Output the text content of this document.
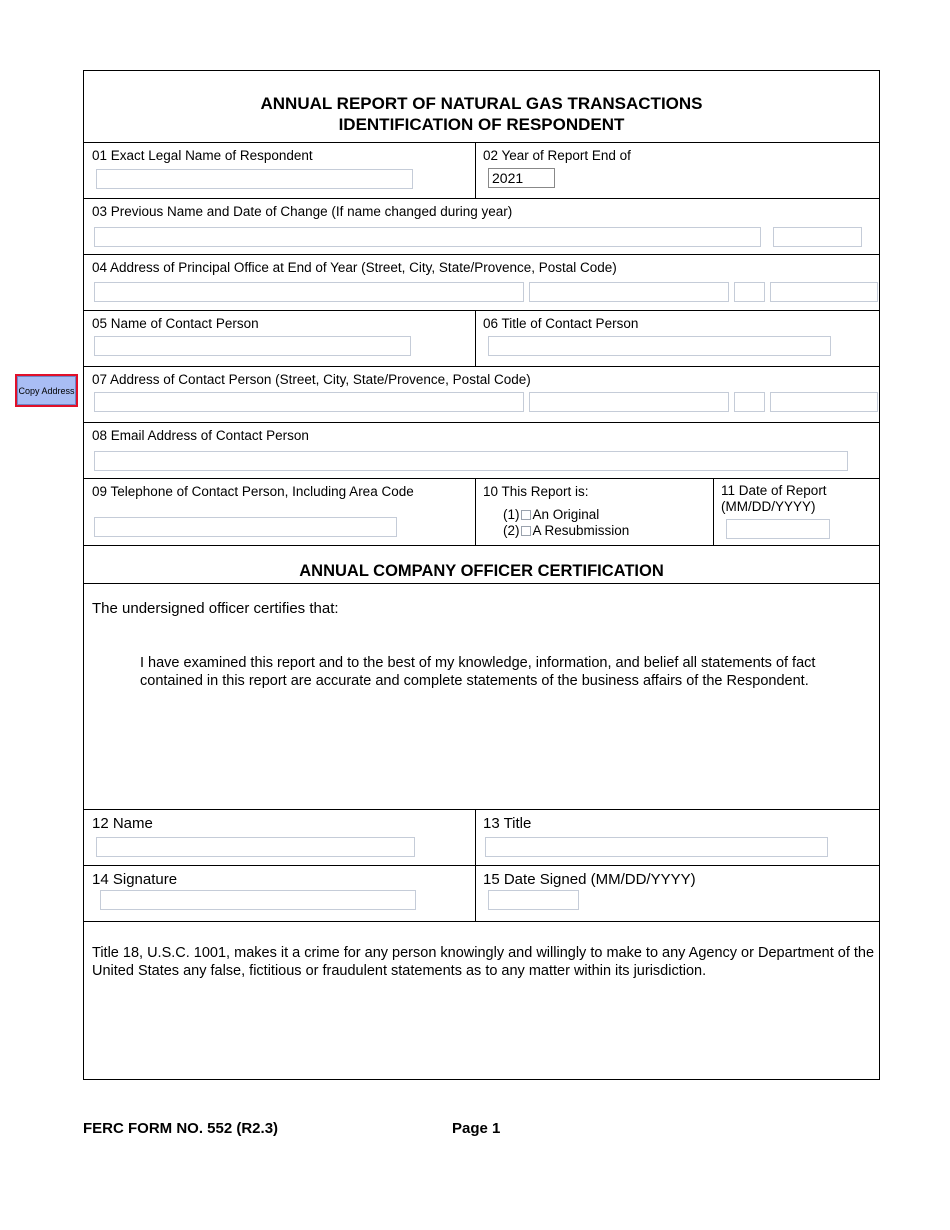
Copy Address
ANNUAL REPORT OF NATURAL GAS TRANSACTIONS
IDENTIFICATION OF RESPONDENT
01 Exact Legal Name of Respondent	02 Year of Report End of
2021
03 Previous Name and Date of Change (If name changed during year)
04 Address of Principal Office at End of Year (Street, City, State/Provence, Postal Code)
05 Name of Contact Person	06 Title of Contact Person
07 Address of Contact Person (Street, City, State/Provence, Postal Code)
08 Email Address of Contact Person
09 Telephone of Contact Person, Including Area Code	10 This Report is:
(1) An Original
(2) A Resubmission
11 Date of Report
(MM/DD/YYYY)
ANNUAL COMPANY OFFICER CERTIFICATION
The undersigned officer certifies that:
I have examined this report and to the best of my knowledge, information, and belief all statements of fact contained in this report are accurate and complete statements of the business affairs of the Respondent.
12 Name	13 Title
14 Signature	15 Date Signed (MM/DD/YYYY)
Title 18, U.S.C. 1001, makes it a crime for any person knowingly and willingly to make to any Agency or Department of the United States any false, fictitious or fraudulent statements as to any matter within its jurisdiction.
FERC FORM NO. 552 (R2.3)	Page 1
